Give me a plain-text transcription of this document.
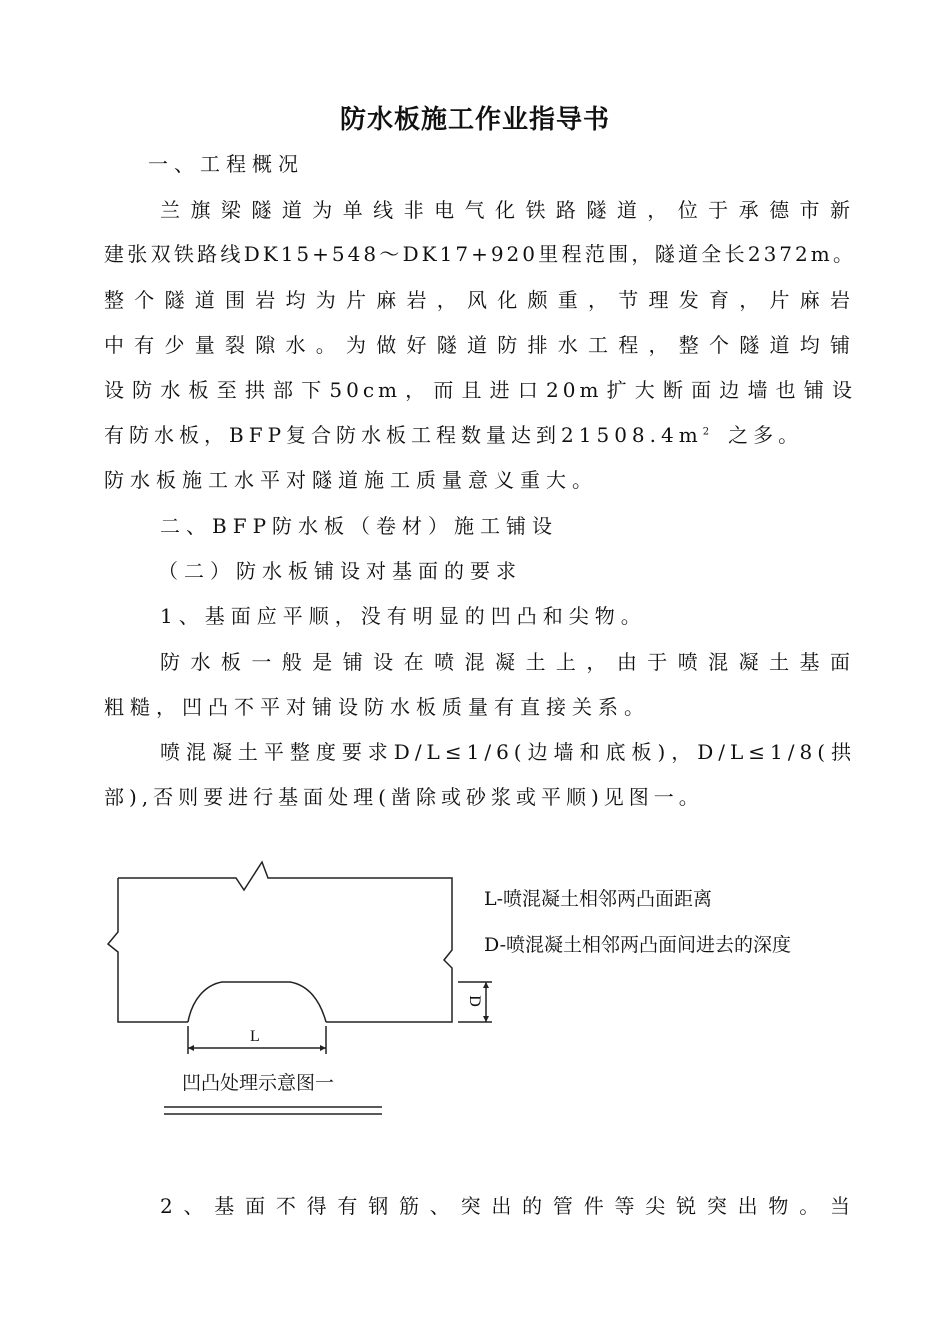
防水板施工作业指导书
一、工程概况
兰旗梁隧道为单线非电气化铁路隧道，位于承德市新
建张双铁路线DK15+548～DK17+920里程范围，隧道全长2372m。
整个隧道围岩均为片麻岩，风化颇重，节理发育，片麻岩
中有少量裂隙水。为做好隧道防排水工程，整个隧道均铺
设防水板至拱部下50cm，而且进口20m扩大断面边墙也铺设
有防水板，BFP复合防水板工程数量达到$21508.4m^2$ 之多。
防水板施工水平对隧道施工质量意义重大。
二、BFP防水板（卷材）施工铺设
（二）防水板铺设对基面的要求
1、基面应平顺，没有明显的凹凸和尖物。
防水板一般是铺设在喷混凝土上，由于喷混凝土基面
粗糙，凹凸不平对铺设防水板质量有直接关系。
喷混凝土平整度要求D/L≤1/6(边墙和底板)，D/L≤1/8(拱
部),否则要进行基面处理(凿除或砂浆或平顺)见图一。
L
D
L-喷混凝土相邻两凸面距离
D-喷混凝土相邻两凸面间进去的深度
凹凸处理示意图一
2、基面不得有钢筋、突出的管件等尖锐突出物。当
